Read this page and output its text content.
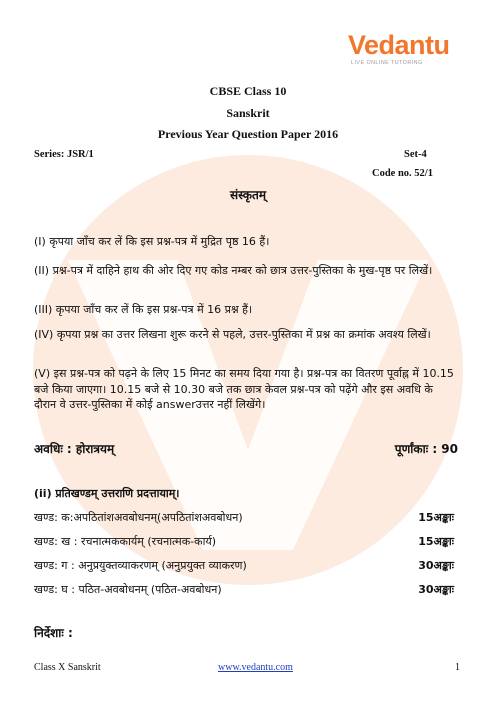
Vedantu
LIVE ONLINE TUTORING
CBSE Class 10
Sanskrit
Previous Year Question Paper 2016
Series: JSR/1	Set-4
Code no. 52/1
संस्कृतम्
(I) कृपया जाँच कर लें कि इस प्रश्न-पत्र में मुद्रित पृष्ठ 16 हैं।
(II) प्रश्न-पत्र में दाहिने हाथ की ओर दिए गए कोड नम्बर को छात्र उत्तर-पुस्तिका के मुख-पृष्ठ पर लिखें।
(III) कृपया जाँच कर लें कि इस प्रश्न-पत्र में 16 प्रश्न हैं।
(IV) कृपया प्रश्न का उत्तर लिखना शुरू करने से पहले, उत्तर-पुस्तिका में प्रश्न का क्रमांक अवश्य लिखें।
(V) इस प्रश्न-पत्र को पढ़ने के लिए 15 मिनट का समय दिया गया है। प्रश्न-पत्र का वितरण पूर्वाह्न में 10.15 बजे किया जाएगा। 10.15 बजे से 10.30 बजे तक छात्र केवल प्रश्न-पत्र को पढ़ेंगे और इस अवधि के दौरान वे उत्तर-पुस्तिका में कोई answerउत्तर नहीं लिखेंगे।
अवधिः : होरात्रयम्	पूर्णांकाः : 90
(ii) प्रतिखण्डम् उत्तराणि प्रदत्तायाम्।
खण्ड: क:अपठितांशअवबोधनम्(अपठितांशअवबोधन)	15अङ्काः
खण्ड: ख : रचनात्मककार्यम् (रचनात्मक-कार्य)	15अङ्काः
खण्ड: ग : अनुप्रयुक्तव्याकरणम् (अनुप्रयुक्त व्याकरण)	30अङ्काः
खण्ड: घ : पठित-अवबोधनम् (पठित-अवबोधन)	30अङ्काः
निर्देशाः :
Class X Sanskrit	www.vedantu.com	1
